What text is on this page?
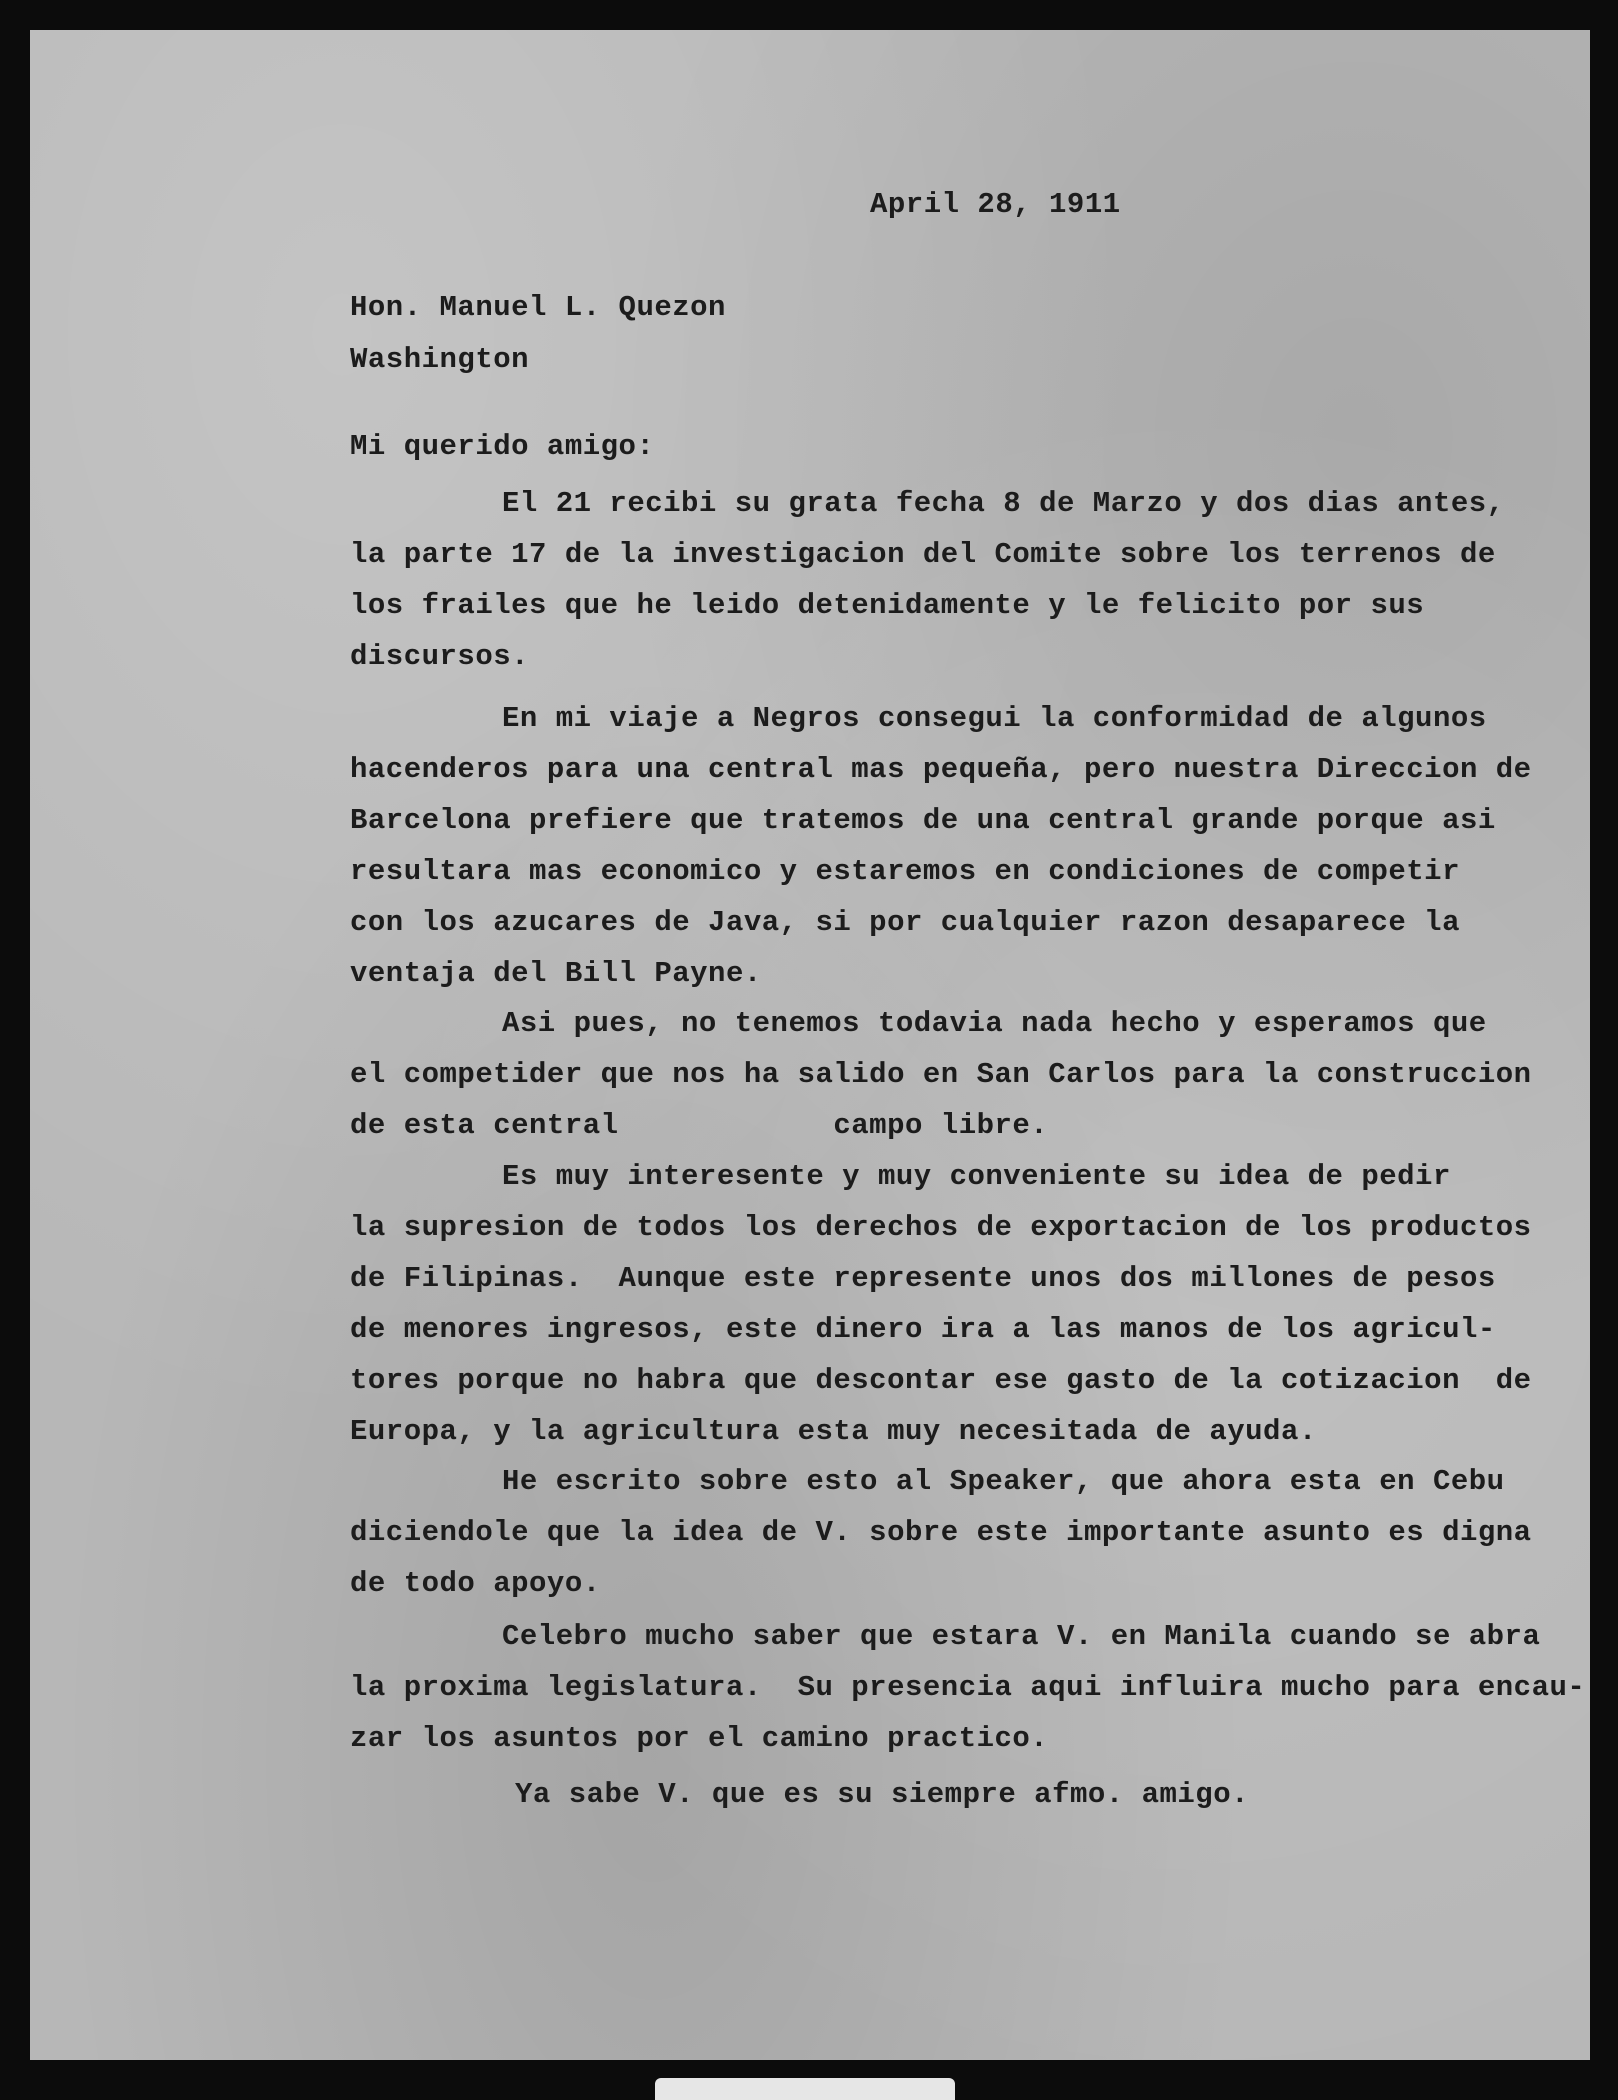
April 28, 1911
Hon. Manuel L. Quezon
Washington
Mi querido amigo:
El 21 recibi su grata fecha 8 de Marzo y dos dias antes,
la parte 17 de la investigacion del Comite sobre los terrenos de
los frailes que he leido detenidamente y le felicito por sus
discursos.
En mi viaje a Negros consegui la conformidad de algunos
hacenderos para una central mas pequeña, pero nuestra Direccion de
Barcelona prefiere que tratemos de una central grande porque asi
resultara mas economico y estaremos en condiciones de competir
con los azucares de Java, si por cualquier razon desaparece la
ventaja del Bill Payne.
Asi pues, no tenemos todavia nada hecho y esperamos que
el competider que nos ha salido en San Carlos para la construccion
de esta central            campo libre.
Es muy interesente y muy conveniente su idea de pedir
la supresion de todos los derechos de exportacion de los productos
de Filipinas.  Aunque este represente unos dos millones de pesos
de menores ingresos, este dinero ira a las manos de los agricul-
tores porque no habra que descontar ese gasto de la cotizacion  de
Europa, y la agricultura esta muy necesitada de ayuda.
He escrito sobre esto al Speaker, que ahora esta en Cebu
diciendole que la idea de V. sobre este importante asunto es digna
de todo apoyo.
Celebro mucho saber que estara V. en Manila cuando se abra
la proxima legislatura.  Su presencia aqui influira mucho para encau-
zar los asuntos por el camino practico.
Ya sabe V. que es su siempre afmo. amigo.
